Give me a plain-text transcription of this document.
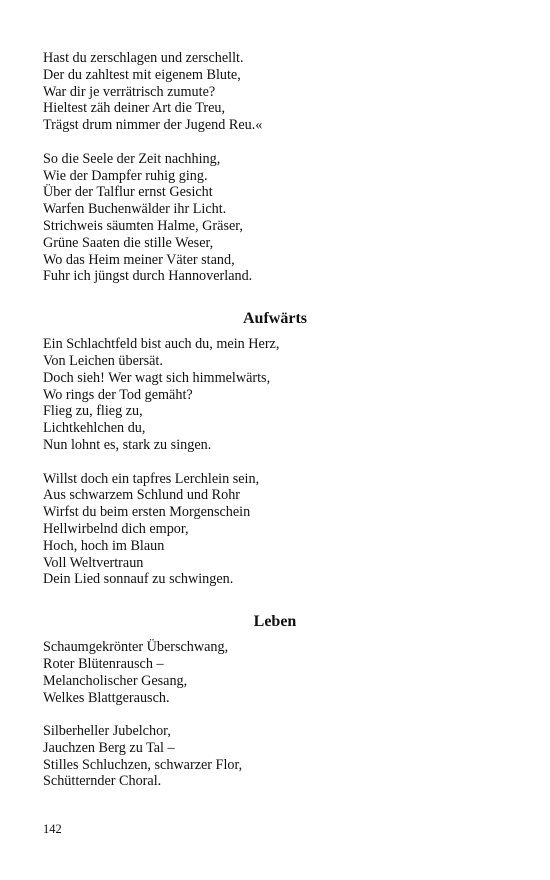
Hast du zerschlagen und zerschellt.
Der du zahltest mit eigenem Blute,
War dir je verrätrisch zumute?
Hieltest zäh deiner Art die Treu,
Trägst drum nimmer der Jugend Reu.«
So die Seele der Zeit nachhing,
Wie der Dampfer ruhig ging.
Über der Talflur ernst Gesicht
Warfen Buchenwälder ihr Licht.
Strichweis säumten Halme, Gräser,
Grüne Saaten die stille Weser,
Wo das Heim meiner Väter stand,
Fuhr ich jüngst durch Hannoverland.
Aufwärts
Ein Schlachtfeld bist auch du, mein Herz,
Von Leichen übersät.
Doch sieh! Wer wagt sich himmelwärts,
Wo rings der Tod gemäht?
Flieg zu, flieg zu,
Lichtkehlchen du,
Nun lohnt es, stark zu singen.
Willst doch ein tapfres Lerchlein sein,
Aus schwarzem Schlund und Rohr
Wirfst du beim ersten Morgenschein
Hellwirbelnd dich empor,
Hoch, hoch im Blaun
Voll Weltvertraun
Dein Lied sonnauf zu schwingen.
Leben
Schaumgekrönter Überschwang,
Roter Blütenrausch –
Melancholischer Gesang,
Welkes Blattgerausch.
Silberheller Jubelchor,
Jauchzen Berg zu Tal –
Stilles Schluchzen, schwarzer Flor,
Schütternder Choral.
142
